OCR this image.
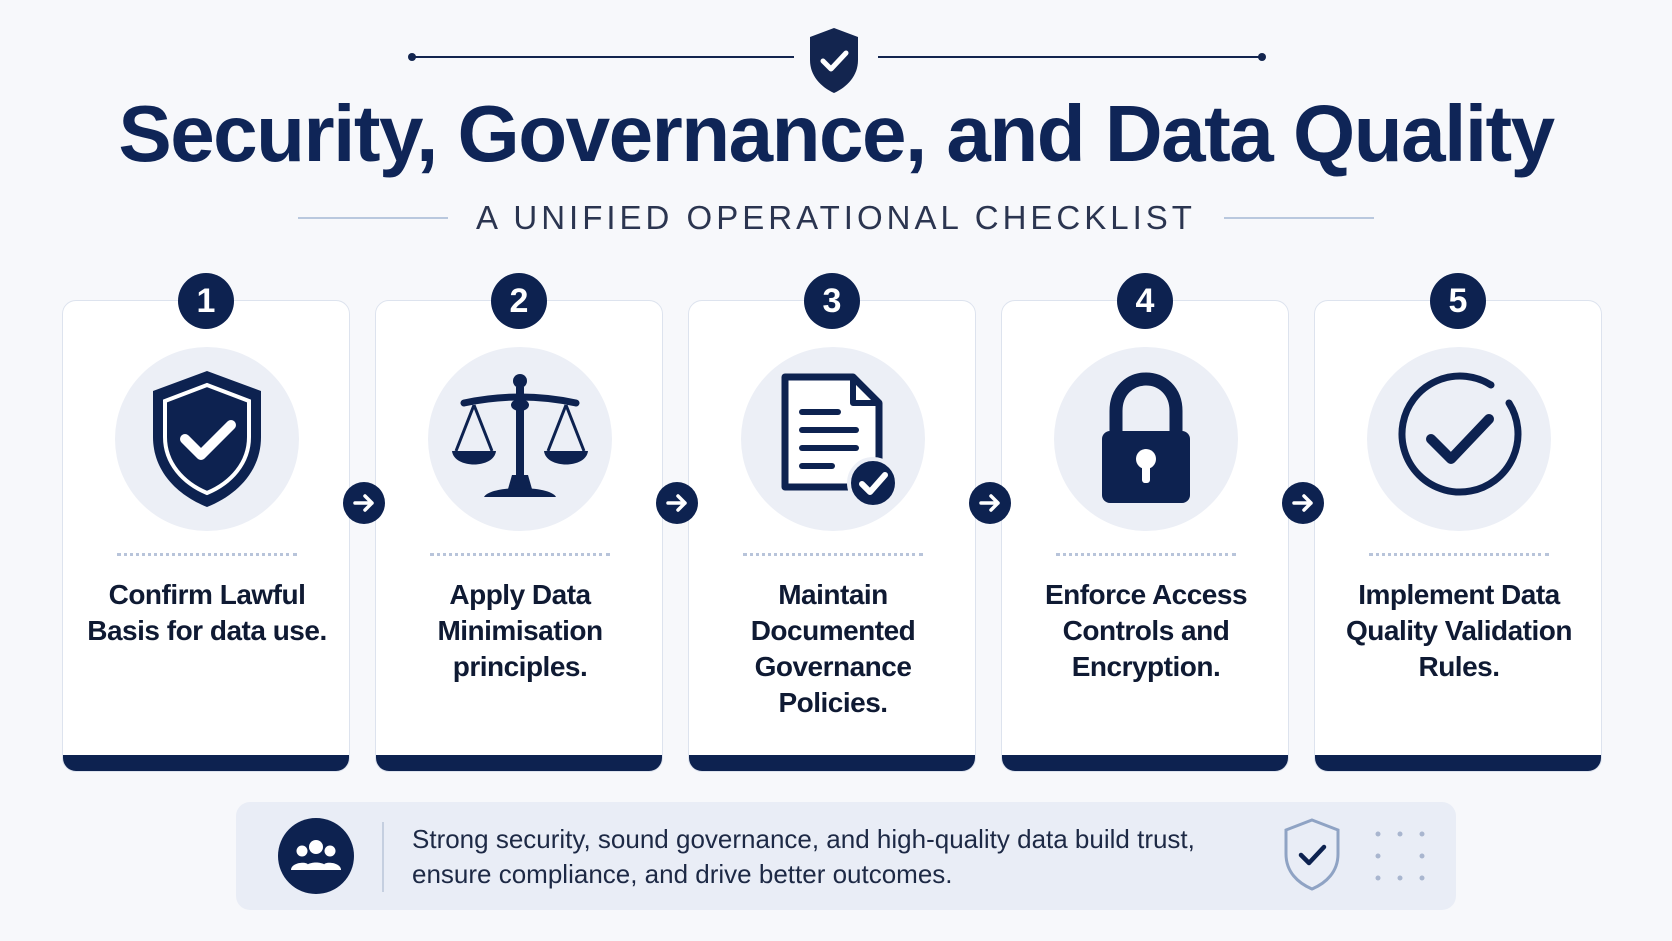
Security, Governance, and Data Quality
A UNIFIED OPERATIONAL CHECKLIST
Confirm Lawful Basis for data use.
1
Apply Data Minimisation principles.
2
Maintain Documented Governance Policies.
3
Enforce Access Controls and Encryption.
4
Implement Data Quality Validation Rules.
5

Strong security, sound governance, and high-quality data build trust, ensure compliance, and drive better outcomes.
